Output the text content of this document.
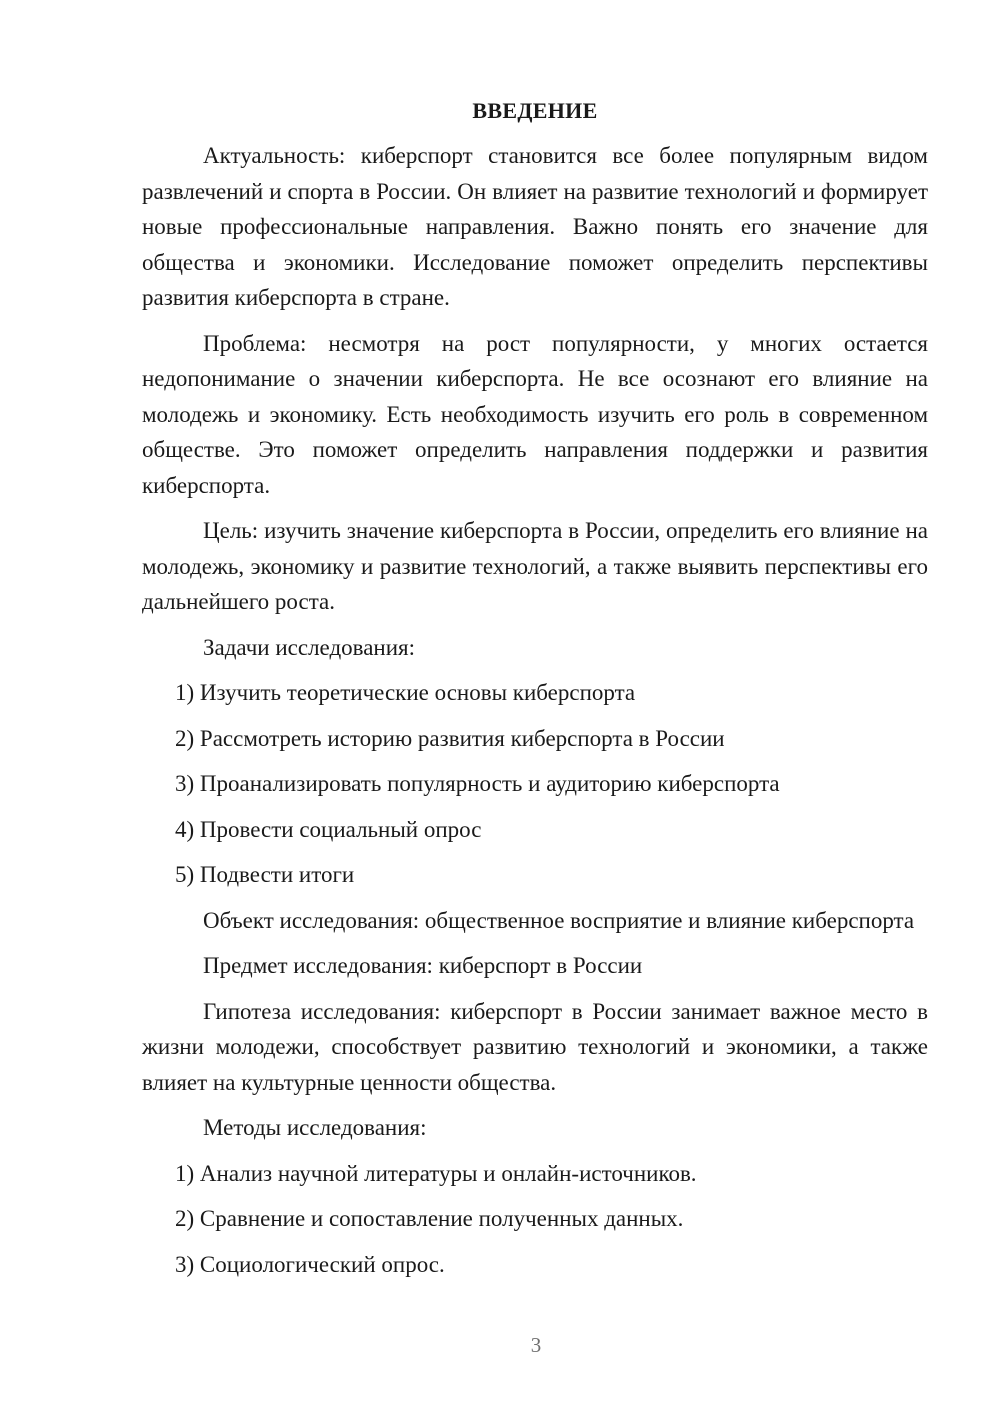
ВВЕДЕНИЕ

Актуальность: киберспорт становится все более популярным видом развлечений и спорта в России. Он влияет на развитие технологий и формирует новые профессиональные направления. Важно понять его значение для общества и экономики. Исследование поможет определить перспективы развития киберспорта в стране.

Проблема: несмотря на рост популярности, у многих остается недопонимание о значении киберспорта. Не все осознают его влияние на молодежь и экономику. Есть необходимость изучить его роль в современном обществе. Это поможет определить направления поддержки и развития киберспорта.

Цель: изучить значение киберспорта в России, определить его влияние на молодежь, экономику и развитие технологий, а также выявить перспективы его дальнейшего роста.

Задачи исследования:

1) Изучить теоретические основы киберспорта
2) Рассмотреть историю развития киберспорта в России
3) Проанализировать популярность и аудиторию киберспорта
4) Провести социальный опрос
5) Подвести итоги

Объект исследования: общественное восприятие и влияние киберспорта

Предмет исследования: киберспорт в России

Гипотеза исследования: киберспорт в России занимает важное место в жизни молодежи, способствует развитию технологий и экономики, а также влияет на культурные ценности общества.

Методы исследования:

1) Анализ научной литературы и онлайн-источников.
2) Сравнение и сопоставление полученных данных.
3) Социологический опрос.
3
